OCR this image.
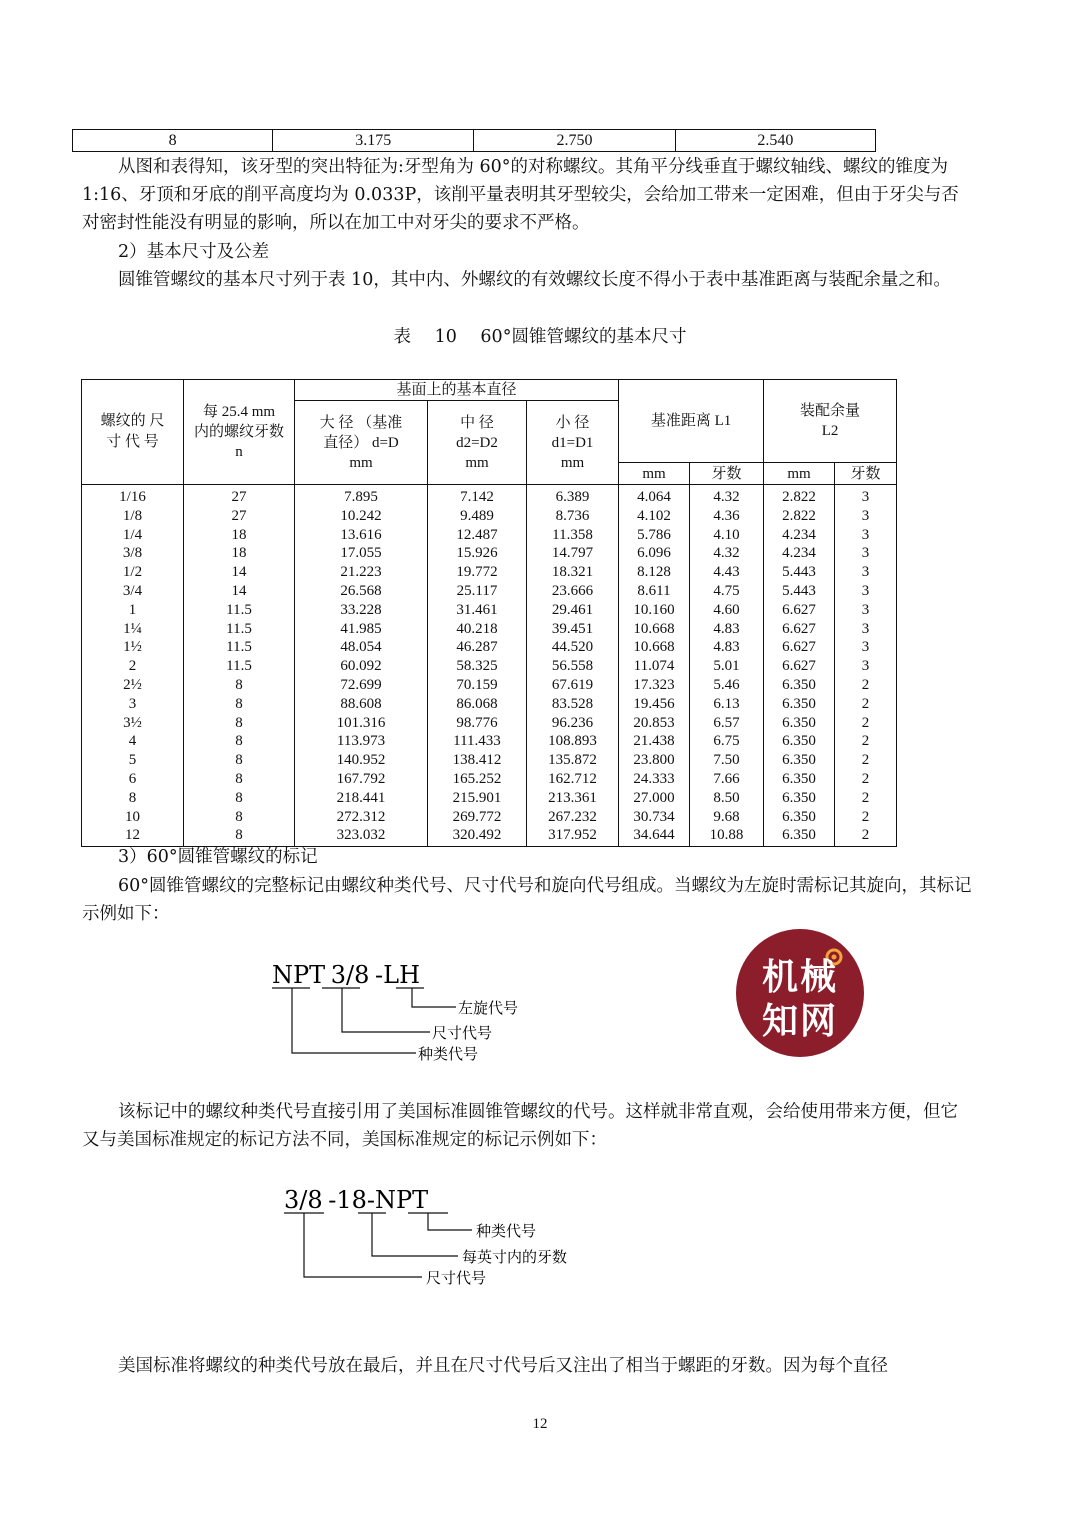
8	3.175	2.750	2.540
从图和表得知，该牙型的突出特征为:牙型角为 60°的对称螺纹。其角平分线垂直于螺纹轴线、螺纹的锥度为 1:16、牙顶和牙底的削平高度均为 0.033P，该削平量表明其牙型较尖，会给加工带来一定困难，但由于牙尖与否对密封性能没有明显的影响，所以在加工中对牙尖的要求不严格。
2）基本尺寸及公差
圆锥管螺纹的基本尺寸列于表 10，其中内、外螺纹的有效螺纹长度不得小于表中基准距离与装配余量之和。
表 10 60°圆锥管螺纹的基本尺寸
螺纹的 尺 寸 代 号	每 25.4 mm 内的螺纹牙数 n	基面上的基本直径			基准距离 L1		装配余量 L2	
		大 径 （基准直径） d=D mm	中 径 d2=D2 mm	小 径 d1=D1 mm				
					mm	牙数	mm	牙数
1/16	27	7.895	7.142	6.389	4.064	4.32	2.822	3
1/8	27	10.242	9.489	8.736	4.102	4.36	2.822	3
1/4	18	13.616	12.487	11.358	5.786	4.10	4.234	3
3/8	18	17.055	15.926	14.797	6.096	4.32	4.234	3
1/2	14	21.223	19.772	18.321	8.128	4.43	5.443	3
3/4	14	26.568	25.117	23.666	8.611	4.75	5.443	3
1	11.5	33.228	31.461	29.461	10.160	4.60	6.627	3
1¼	11.5	41.985	40.218	39.451	10.668	4.83	6.627	3
1½	11.5	48.054	46.287	44.520	10.668	4.83	6.627	3
2	11.5	60.092	58.325	56.558	11.074	5.01	6.627	3
2½	8	72.699	70.159	67.619	17.323	5.46	6.350	2
3	8	88.608	86.068	83.528	19.456	6.13	6.350	2
3½	8	101.316	98.776	96.236	20.853	6.57	6.350	2
4	8	113.973	111.433	108.893	21.438	6.75	6.350	2
5	8	140.952	138.412	135.872	23.800	7.50	6.350	2
6	8	167.792	165.252	162.712	24.333	7.66	6.350	2
8	8	218.441	215.901	213.361	27.000	8.50	6.350	2
10	8	272.312	269.772	267.232	30.734	9.68	6.350	2
12	8	323.032	320.492	317.952	34.644	10.88	6.350	2
3）60°圆锥管螺纹的标记
60°圆锥管螺纹的完整标记由螺纹种类代号、尺寸代号和旋向代号组成。当螺纹为左旋时需标记其旋向，其标记示例如下：
NPT 3/8 -LH
左旋代号
尺寸代号
种类代号
机械
知网
该标记中的螺纹种类代号直接引用了美国标准圆锥管螺纹的代号。这样就非常直观，会给使用带来方便，但它又与美国标准规定的标记方法不同，美国标准规定的标记示例如下：
3/8 -18-NPT
种类代号
每英寸内的牙数
尺寸代号
美国标准将螺纹的种类代号放在最后，并且在尺寸代号后又注出了相当于螺距的牙数。因为每个直径
12
